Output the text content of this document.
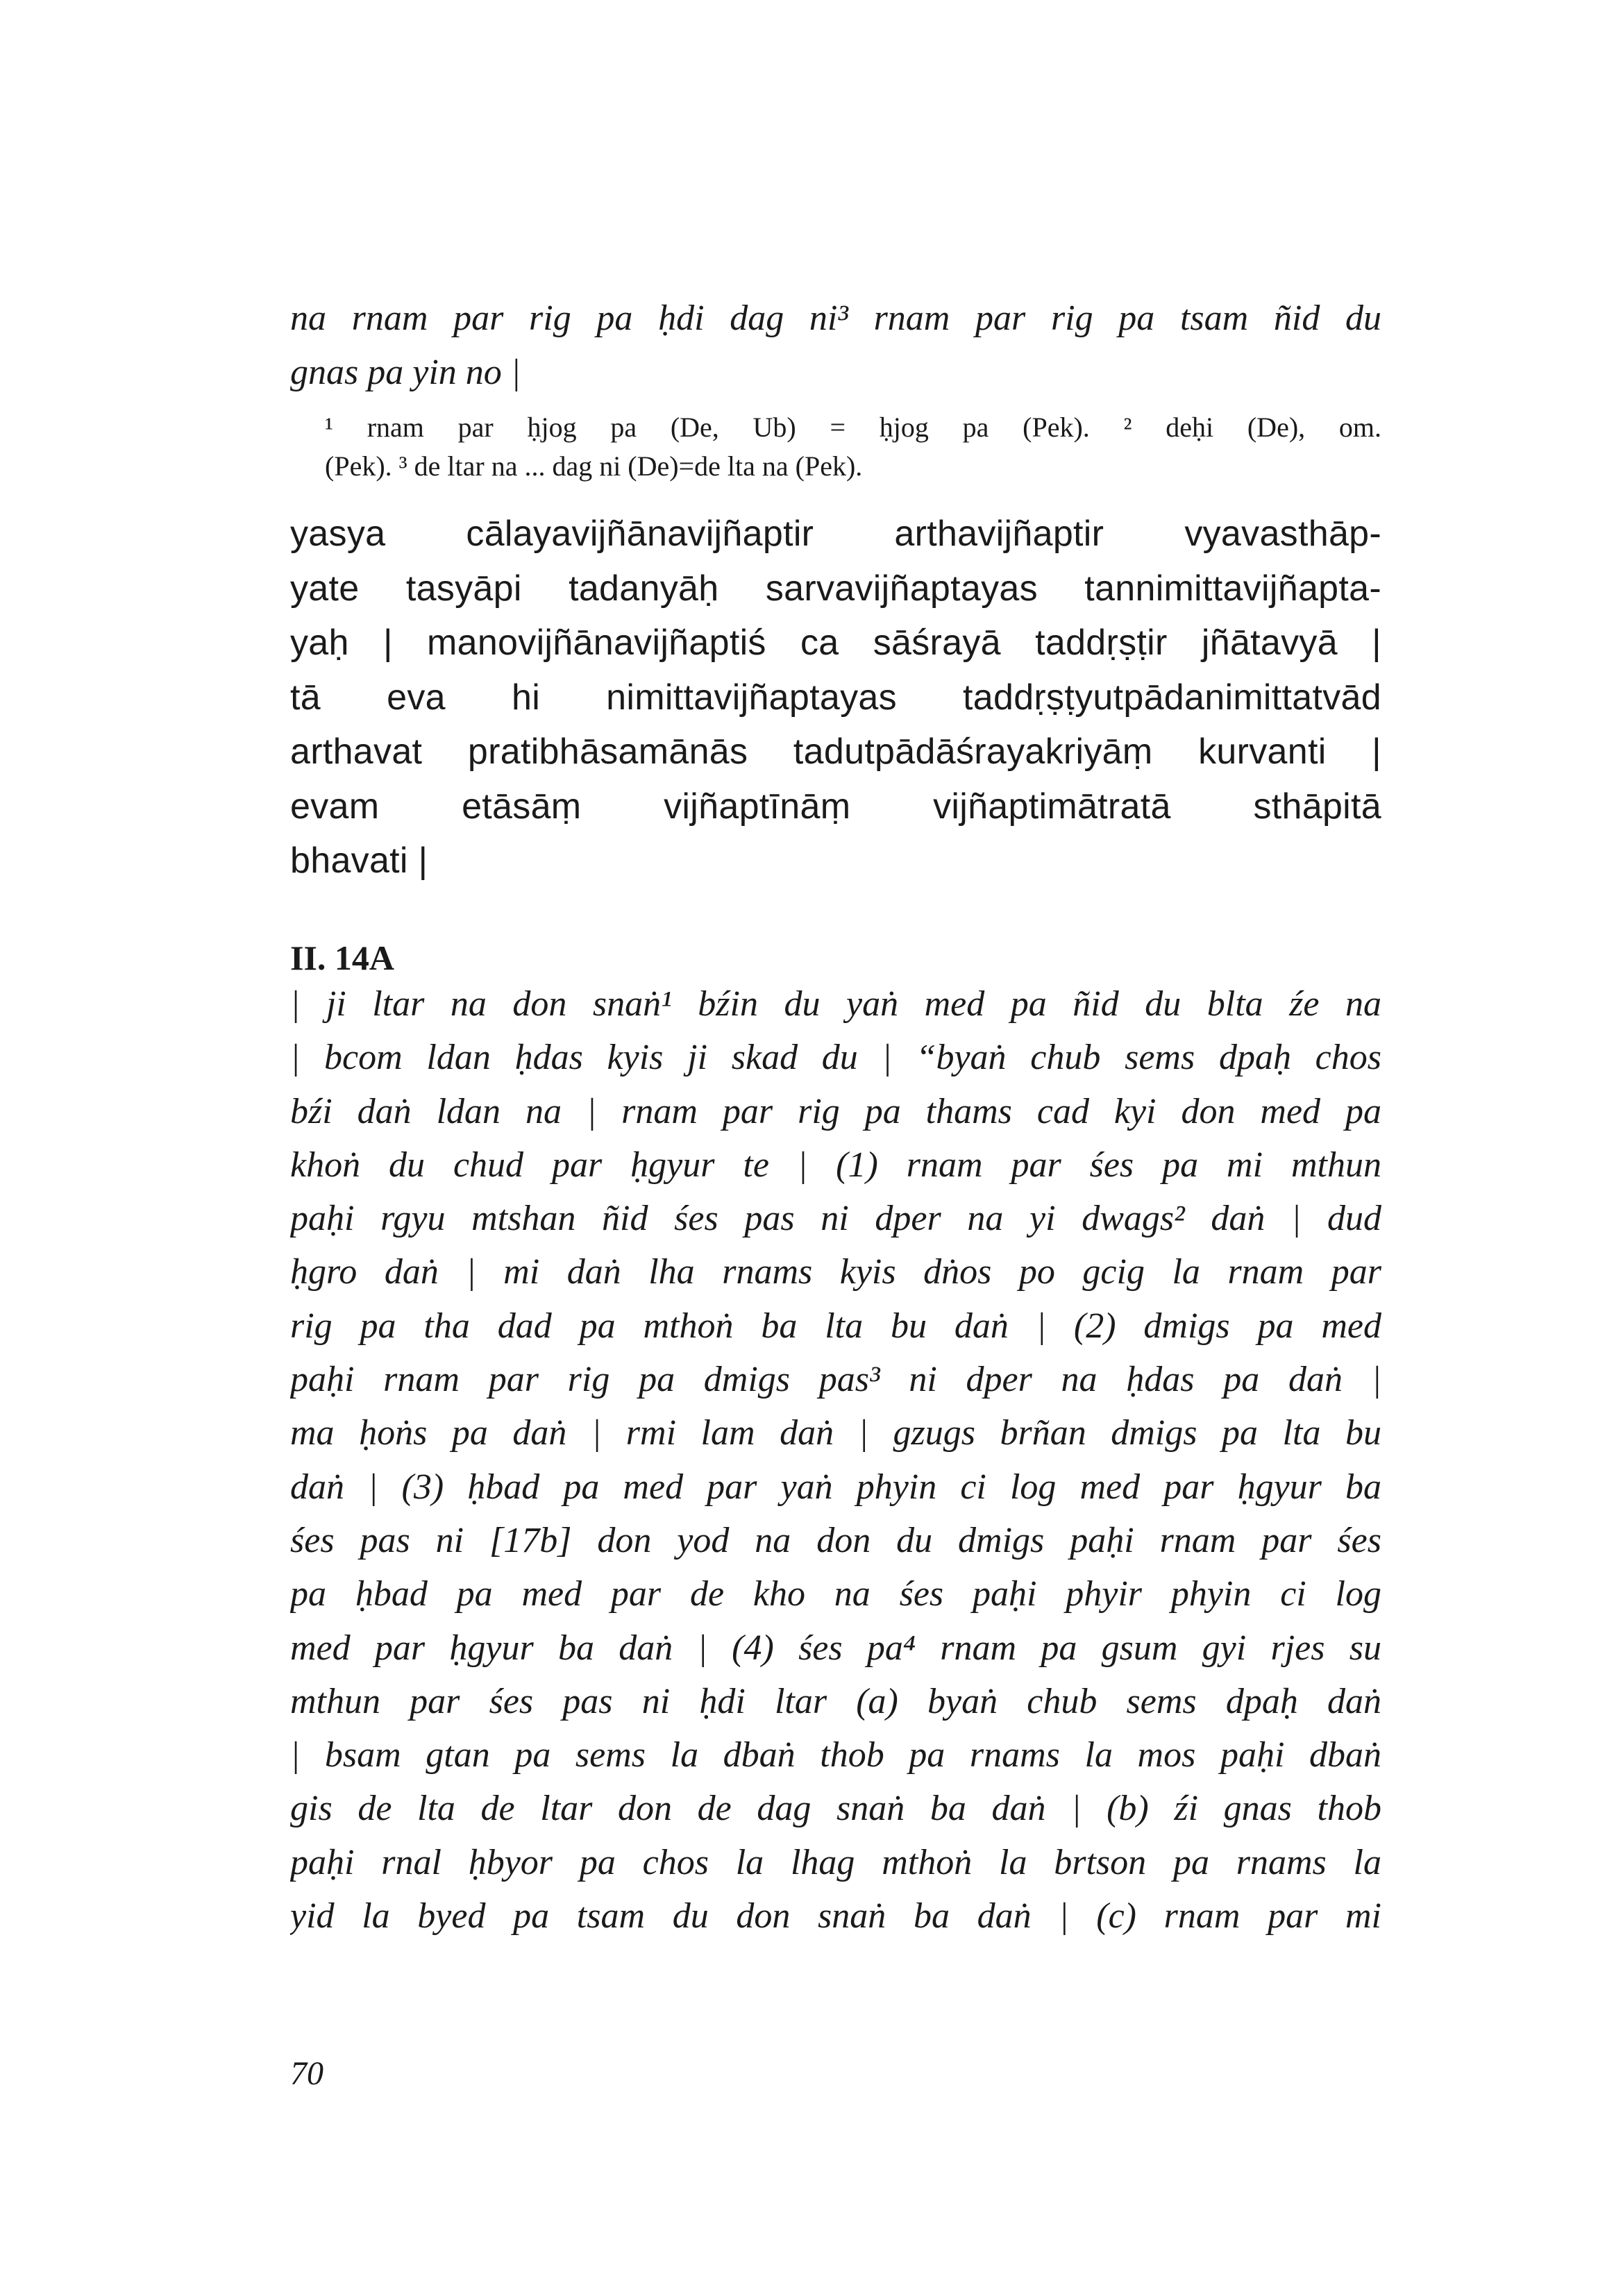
na rnam par rig pa ḥdi dag ni³ rnam par rig pa tsam ñid du
gnas pa yin no |
¹ rnam par ḥjog pa (De, Ub) = ḥjog pa (Pek). ² deḥi (De), om.
(Pek). ³ de ltar na ... dag ni (De)=de lta na (Pek).
yasya cālayavijñānavijñaptir arthavijñaptir vyavasthāp-
yate tasyāpi tadanyāḥ sarvavijñaptayas tannimittavijñapta-
yaḥ | manovijñānavijñaptiś ca sāśrayā taddṛṣṭir jñātavyā |
tā eva hi nimittavijñaptayas taddṛṣṭyutpādanimittatvād
arthavat pratibhāsamānās tadutpādāśrayakriyāṃ kurvanti |
evam etāsāṃ vijñaptīnāṃ vijñaptimātratā sthāpitā
bhavati |
II. 14A
| ji ltar na don snaṅ¹ bźin du yaṅ med pa ñid du blta źe na
| bcom ldan ḥdas kyis ji skad du | “byaṅ chub sems dpaḥ chos
bźi daṅ ldan na | rnam par rig pa thams cad kyi don med pa
khoṅ du chud par ḥgyur te | (1) rnam par śes pa mi mthun
paḥi rgyu mtshan ñid śes pas ni dper na yi dwags² daṅ | dud
ḥgro daṅ | mi daṅ lha rnams kyis dṅos po gcig la rnam par
rig pa tha dad pa mthoṅ ba lta bu daṅ | (2) dmigs pa med
paḥi rnam par rig pa dmigs pas³ ni dper na ḥdas pa daṅ |
ma ḥoṅs pa daṅ | rmi lam daṅ | gzugs brñan dmigs pa lta bu
daṅ | (3) ḥbad pa med par yaṅ phyin ci log med par ḥgyur ba
śes pas ni [17b] don yod na don du dmigs paḥi rnam par śes
pa ḥbad pa med par de kho na śes paḥi phyir phyin ci log
med par ḥgyur ba daṅ | (4) śes pa⁴ rnam pa gsum gyi rjes su
mthun par śes pas ni ḥdi ltar (a) byaṅ chub sems dpaḥ daṅ
| bsam gtan pa sems la dbaṅ thob pa rnams la mos paḥi dbaṅ
gis de lta de ltar don de dag snaṅ ba daṅ | (b) źi gnas thob
paḥi rnal ḥbyor pa chos la lhag mthoṅ la brtson pa rnams la
yid la byed pa tsam du don snaṅ ba daṅ | (c) rnam par mi
70
